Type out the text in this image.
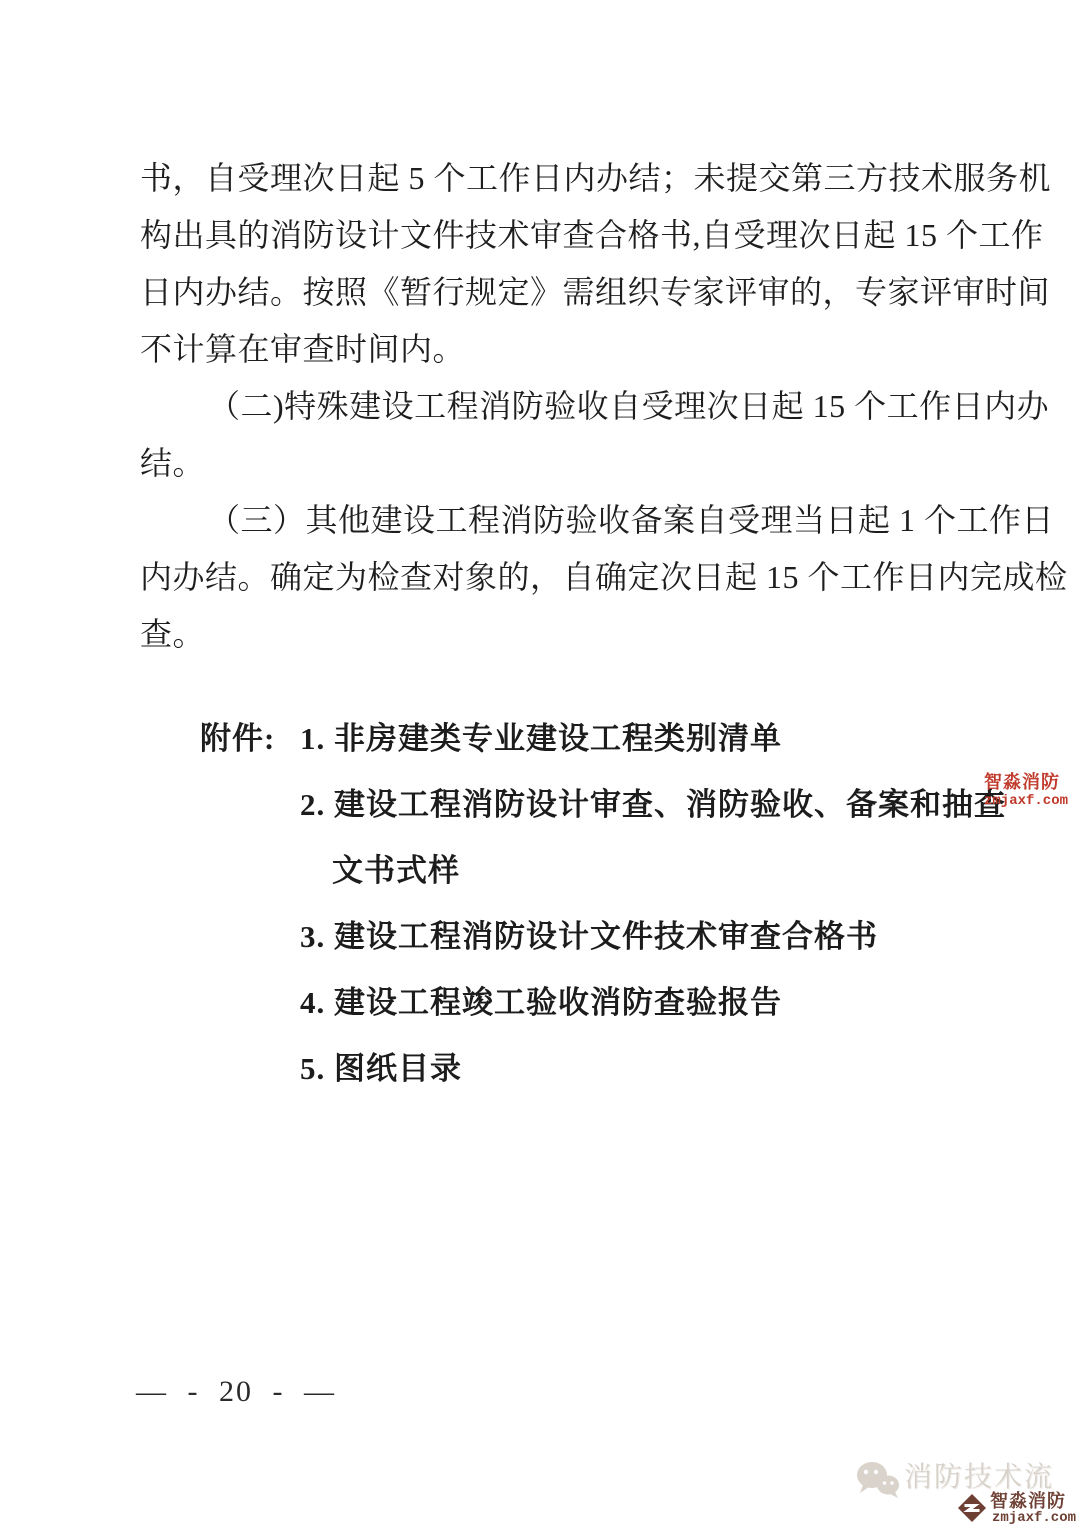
书，自受理次日起 5 个工作日内办结；未提交第三方技术服务机
构出具的消防设计文件技术审查合格书,自受理次日起 15 个工作
日内办结。按照《暂行规定》需组织专家评审的，专家评审时间
不计算在审查时间内。
（二)特殊建设工程消防验收自受理次日起 15 个工作日内办
结。
（三）其他建设工程消防验收备案自受理当日起 1 个工作日
内办结。确定为检查对象的，自确定次日起 15 个工作日内完成检
查。
附件: 1. 非房建类专业建设工程类别清单
2. 建设工程消防设计审查、消防验收、备案和抽查
文书式样
3. 建设工程消防设计文件技术审查合格书
4. 建设工程竣工验收消防查验报告
5. 图纸目录
— - 20 - —
智淼消防
zmjaxf.com
消防技术流
智淼消防
zmjaxf.com
